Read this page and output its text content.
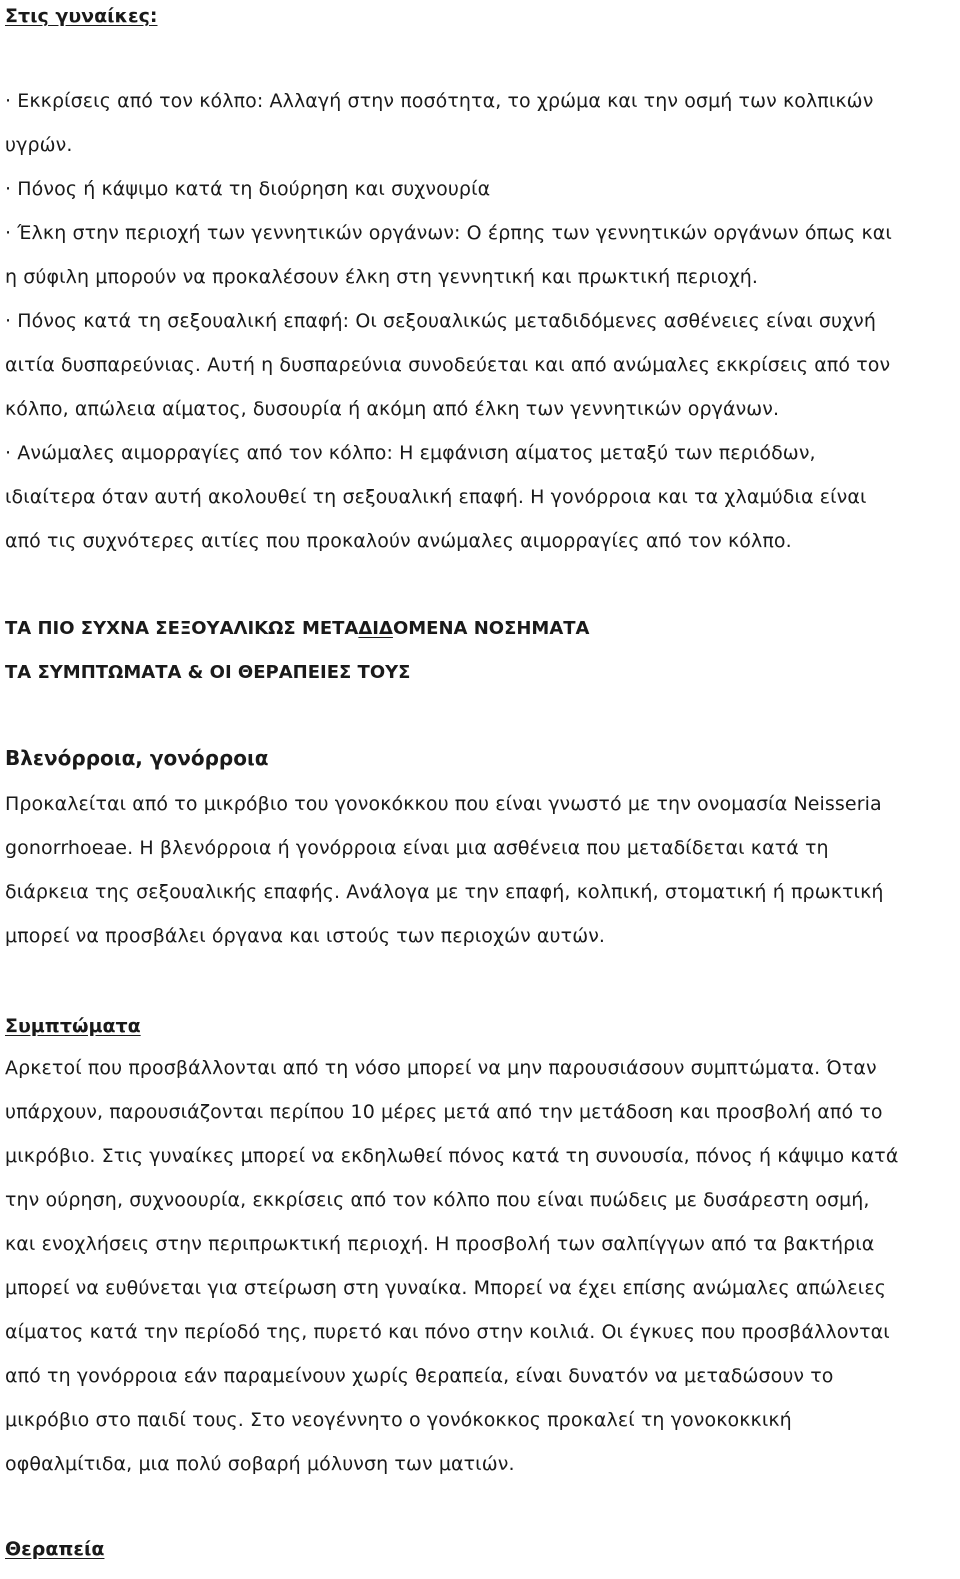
Στις γυναίκες:
· Εκκρίσεις από τον κόλπο: Αλλαγή στην ποσότητα, το χρώμα και την οσμή των κολπικών
υγρών.
· Πόνος ή κάψιμο κατά τη διούρηση και συχνουρία
· Έλκη στην περιοχή των γεννητικών οργάνων: Ο έρπης των γεννητικών οργάνων όπως και
η σύφιλη μπορούν να προκαλέσουν έλκη στη γεννητική και πρωκτική περιοχή.
· Πόνος κατά τη σεξουαλική επαφή: Οι σεξουαλικώς μεταδιδόμενες ασθένειες είναι συχνή
αιτία δυσπαρεύνιας. Αυτή η δυσπαρεύνια συνοδεύεται και από ανώμαλες εκκρίσεις από τον
κόλπο, απώλεια αίματος, δυσουρία ή ακόμη από έλκη των γεννητικών οργάνων.
· Ανώμαλες αιμορραγίες από τον κόλπο: Η εμφάνιση αίματος μεταξύ των περιόδων,
ιδιαίτερα όταν αυτή ακολουθεί τη σεξουαλική επαφή. Η γονόρροια και τα χλαμύδια είναι
από τις συχνότερες αιτίες που προκαλούν ανώμαλες αιμορραγίες από τον κόλπο.
ΤΑ ΠΙΟ ΣΥΧΝΑ ΣΕΞΟΥΑΛΙΚΩΣ ΜΕΤΑΔΙΔΟΜΕΝΑ ΝΟΣΗΜΑΤΑ
ΤΑ ΣΥΜΠΤΩΜΑΤΑ & ΟΙ ΘΕΡΑΠΕΙΕΣ ΤΟΥΣ
Βλενόρροια, γονόρροια
Προκαλείται από το μικρόβιο του γονοκόκκου που είναι γνωστό με την ονομασία Neisseria
gonorrhoeae. Η βλενόρροια ή γονόρροια είναι μια ασθένεια που μεταδίδεται κατά τη
διάρκεια της σεξουαλικής επαφής. Ανάλογα με την επαφή, κολπική, στοματική ή πρωκτική
μπορεί να προσβάλει όργανα και ιστούς των περιοχών αυτών.
Συμπτώματα
Αρκετοί που προσβάλλονται από τη νόσο μπορεί να μην παρουσιάσουν συμπτώματα. Όταν
υπάρχουν, παρουσιάζονται περίπου 10 μέρες μετά από την μετάδοση και προσβολή από το
μικρόβιο. Στις γυναίκες μπορεί να εκδηλωθεί πόνος κατά τη συνουσία, πόνος ή κάψιμο κατά
την ούρηση, συχνοουρία, εκκρίσεις από τον κόλπο που είναι πυώδεις με δυσάρεστη οσμή,
και ενοχλήσεις στην περιπρωκτική περιοχή. Η προσβολή των σαλπίγγων από τα βακτήρια
μπορεί να ευθύνεται για στείρωση στη γυναίκα. Μπορεί να έχει επίσης ανώμαλες απώλειες
αίματος κατά την περίοδό της, πυρετό και πόνο στην κοιλιά. Οι έγκυες που προσβάλλονται
από τη γονόρροια εάν παραμείνουν χωρίς θεραπεία, είναι δυνατόν να μεταδώσουν το
μικρόβιο στο παιδί τους. Στο νεογέννητο ο γονόκοκκος προκαλεί τη γονοκοκκική
οφθαλμίτιδα, μια πολύ σοβαρή μόλυνση των ματιών.
Θεραπεία
